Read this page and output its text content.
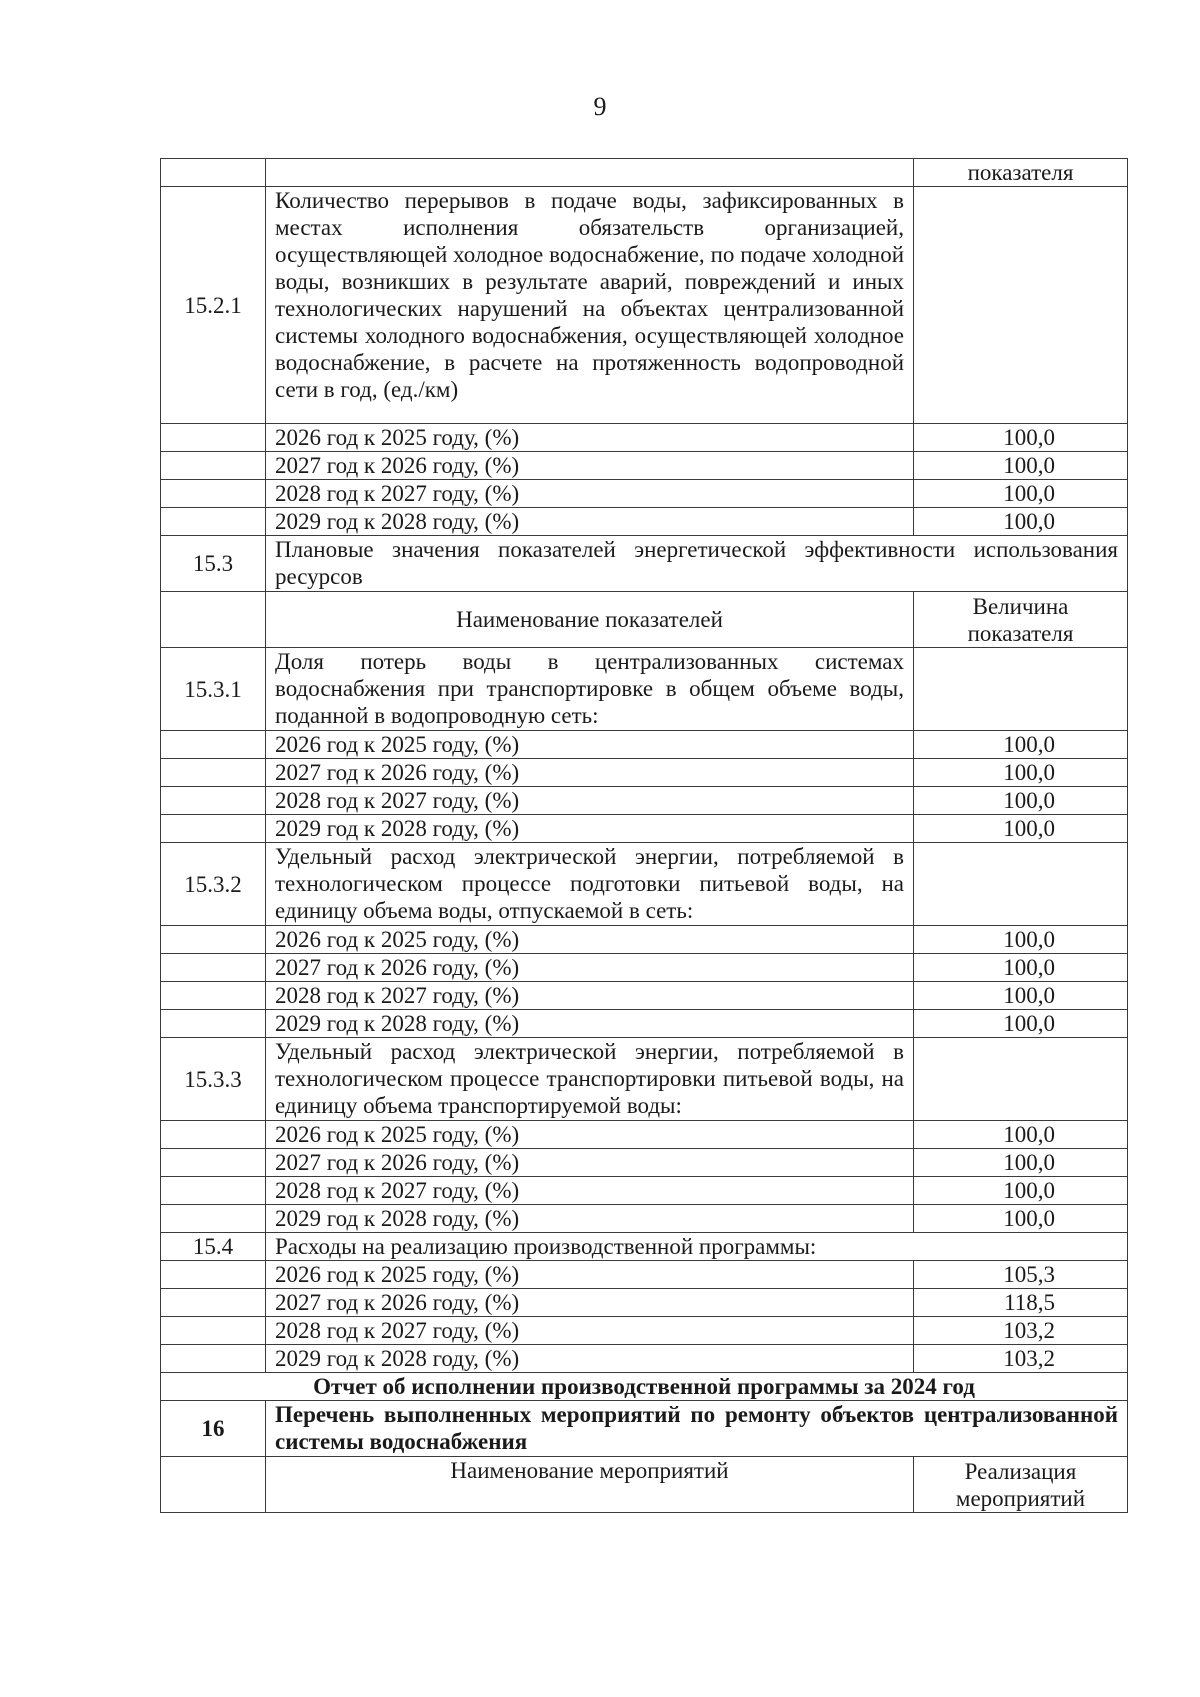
9
		показателя
15.2.1	Количество перерывов в подаче воды, зафиксированных в местах исполнения обязательств организацией, осуществляющей холодное водоснабжение, по подаче холодной воды, возникших в результате аварий, повреждений и иных технологических нарушений на объектах централизованной системы холодного водоснабжения, осуществляющей холодное водоснабжение, в расчете на протяженность водопроводной сети в год, (ед./км)	
	2026 год к 2025 году, (%)	100,0
	2027 год к 2026 году, (%)	100,0
	2028 год к 2027 году, (%)	100,0
	2029 год к 2028 году, (%)	100,0
15.3	Плановые значения показателей энергетической эффективности использования ресурсов	
	Наименование показателей	Величина показателя
15.3.1	Доля потерь воды в централизованных системах водоснабжения при транспортировке в общем объеме воды, поданной в водопроводную сеть:	
	2026 год к 2025 году, (%)	100,0
	2027 год к 2026 году, (%)	100,0
	2028 год к 2027 году, (%)	100,0
	2029 год к 2028 году, (%)	100,0
15.3.2	Удельный расход электрической энергии, потребляемой в технологическом процессе подготовки питьевой воды, на единицу объема воды, отпускаемой в сеть:	
	2026 год к 2025 году, (%)	100,0
	2027 год к 2026 году, (%)	100,0
	2028 год к 2027 году, (%)	100,0
	2029 год к 2028 году, (%)	100,0
15.3.3	Удельный расход электрической энергии, потребляемой в технологическом процессе транспортировки питьевой воды, на единицу объема транспортируемой воды:	
	2026 год к 2025 году, (%)	100,0
	2027 год к 2026 году, (%)	100,0
	2028 год к 2027 году, (%)	100,0
	2029 год к 2028 году, (%)	100,0
15.4	Расходы на реализацию производственной программы:	
	2026 год к 2025 году, (%)	105,3
	2027 год к 2026 году, (%)	118,5
	2028 год к 2027 году, (%)	103,2
	2029 год к 2028 году, (%)	103,2
Отчет об исполнении производственной программы за 2024 год		
16	Перечень выполненных мероприятий по ремонту объектов централизованной системы водоснабжения	
	Наименование мероприятий	Реализация мероприятий
